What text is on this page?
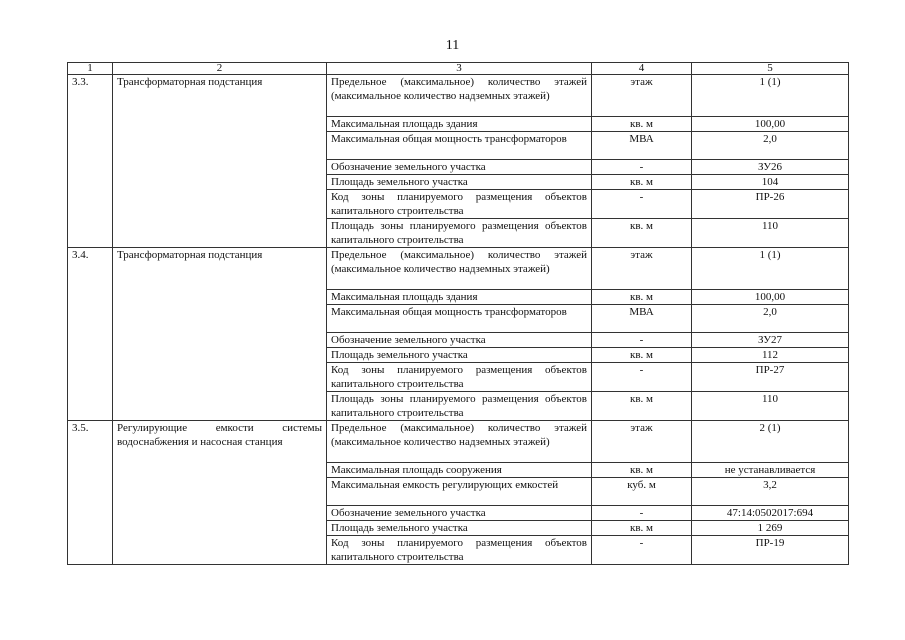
11
1	2	3	4	5
3.3.	Трансформаторная подстанция	Предельное (максимальное) количество этажей (максимальное количество надземных этажей)	этаж	1 (1)
		Максимальная площадь здания	кв. м	100,00
		Максимальная общая мощность трансформаторов	МВА	2,0
		Обозначение земельного участка	-	ЗУ26
		Площадь земельного участка	кв. м	104
		Код зоны планируемого размещения объектов капитального строительства	-	ПР-26
		Площадь зоны планируемого размещения объектов капитального строительства	кв. м	110
3.4.	Трансформаторная подстанция	Предельное (максимальное) количество этажей (максимальное количество надземных этажей)	этаж	1 (1)
		Максимальная площадь здания	кв. м	100,00
		Максимальная общая мощность трансформаторов	МВА	2,0
		Обозначение земельного участка	-	ЗУ27
		Площадь земельного участка	кв. м	112
		Код зоны планируемого размещения объектов капитального строительства	-	ПР-27
		Площадь зоны планируемого размещения объектов капитального строительства	кв. м	110
3.5.	Регулирующие емкости системы водоснабжения и насосная станция	Предельное (максимальное) количество этажей (максимальное количество надземных этажей)	этаж	2 (1)
		Максимальная площадь сооружения	кв. м	не устанавливается
		Максимальная емкость регулирующих емкостей	куб. м	3,2
		Обозначение земельного участка	-	47:14:0502017:694
		Площадь земельного участка	кв. м	1 269
		Код зоны планируемого размещения объектов капитального строительства	-	ПР-19
